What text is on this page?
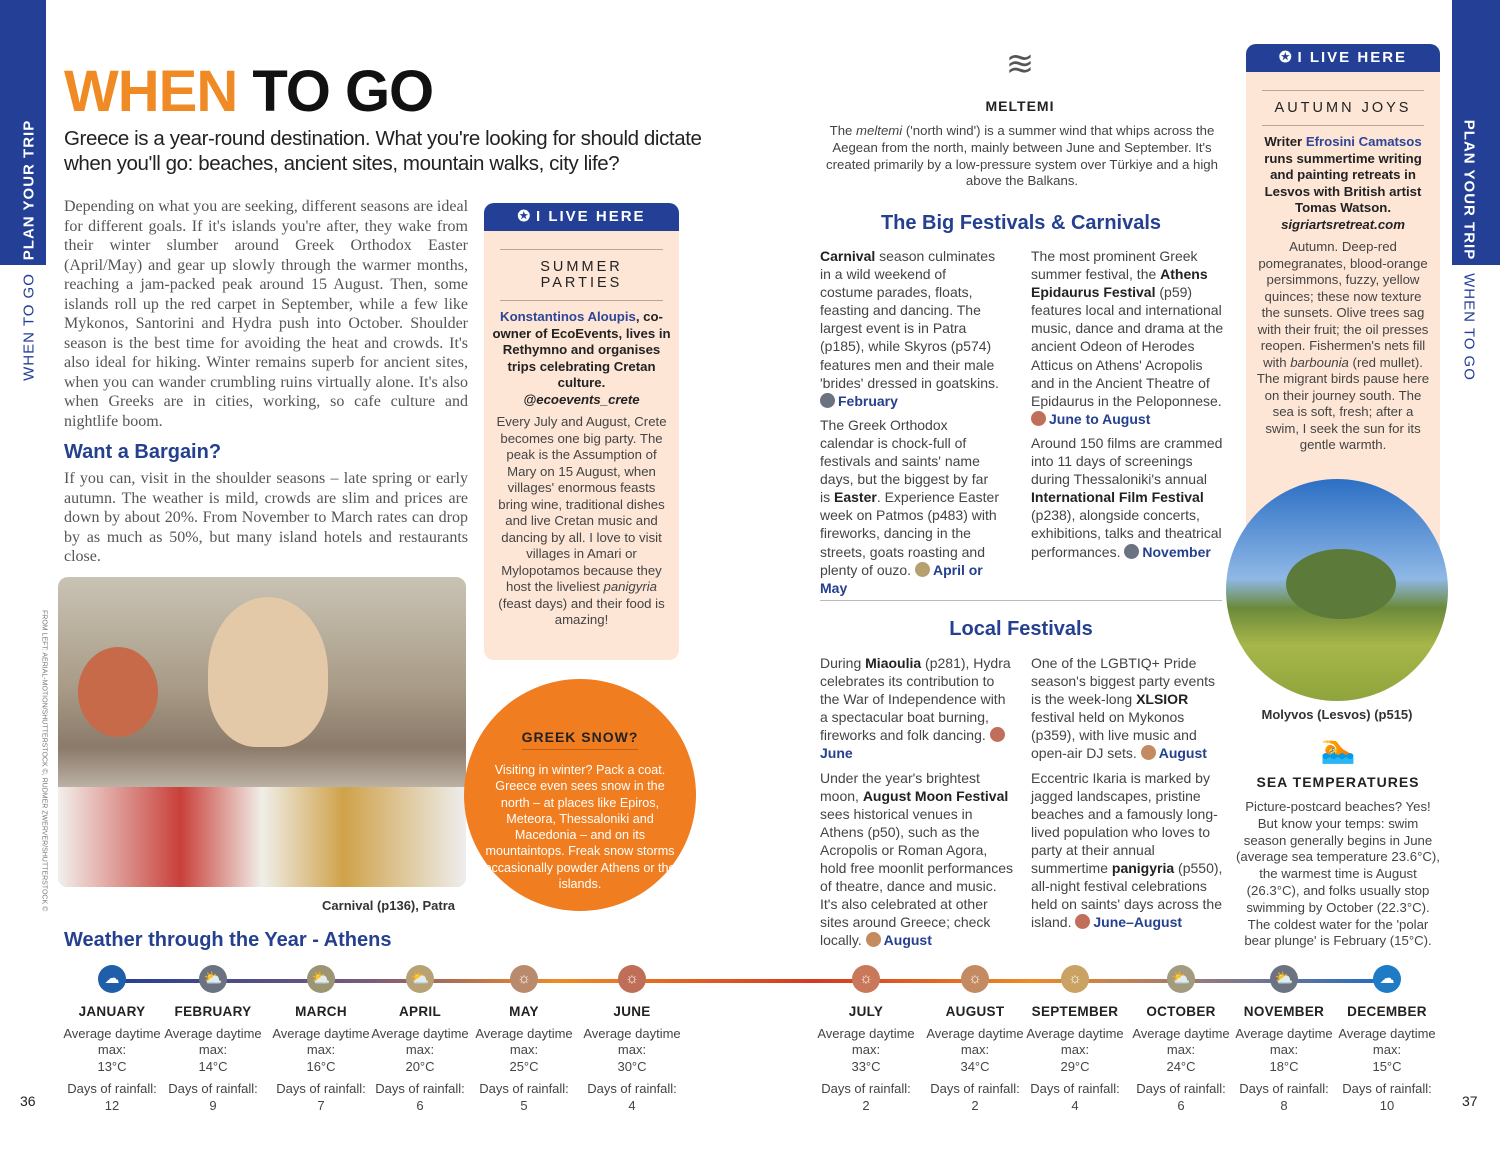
PLAN YOUR TRIP
WHEN TO GO
PLAN YOUR TRIP
WHEN TO GO
WHEN TO GO
Greece is a year-round destination. What you're looking for should dictate when you'll go: beaches, ancient sites, mountain walks, city life?
Depending on what you are seeking, different seasons are ideal for different goals. If it's islands you're after, they wake from their winter slumber around Greek Orthodox Easter (April/May) and gear up slowly through the warmer months, reaching a jam-packed peak around 15 August. Then, some islands roll up the red carpet in September, while a few like Mykonos, Santorini and Hydra push into October. Shoulder season is the best time for avoiding the heat and crowds. It's also ideal for hiking. Winter remains superb for ancient sites, when you can wander crumbling ruins virtually alone. It's also when Greeks are in cities, working, so cafe culture and nightlife boom.
Want a Bargain?
If you can, visit in the shoulder seasons – late spring or early autumn. The weather is mild, crowds are slim and prices are down by about 20%. From November to March rates can drop by as much as 50%, but many island hotels and restaurants close.
FROM LEFT: AERIAL-MOTION/SHUTTERSTOCK ©, RUDMER ZWERVER/SHUTTERSTOCK ©	Carnival (p136), Patra
✪ I LIVE HERE
SUMMER PARTIES
Konstantinos Aloupis, co-owner of EcoEvents, lives in Rethymno and organises trips celebrating Cretan culture.
@ecoevents_crete
Every July and August, Crete becomes one big party. The peak is the Assumption of Mary on 15 August, when villages' enormous feasts bring wine, traditional dishes and live Cretan music and dancing by all. I love to visit villages in Amari or Mylopotamos because they host the liveliest panigyria (feast days) and their food is amazing!
GREEK SNOW?
Visiting in winter? Pack a coat. Greece even sees snow in the north – at places like Epiros, Meteora, Thessaloniki and Macedonia – and on its mountaintops. Freak snow storms occasionally powder Athens or the islands.
≋
MELTEMI
The meltemi ('north wind') is a summer wind that whips across the Aegean from the north, mainly between June and September. It's created primarily by a low-pressure system over Türkiye and a high above the Balkans.
The Big Festivals & Carnivals

Carnival season culminates in a wild weekend of costume parades, floats, feasting and dancing. The largest event is in Patra (p185), while Skyros (p574) features men and their male 'brides' dressed in goatskins. February

The Greek Orthodox calendar is chock-full of festivals and saints' name days, but the biggest by far is Easter. Experience Easter week on Patmos (p483) with fireworks, dancing in the streets, goats roasting and plenty of ouzo. April or May

The most prominent Greek summer festival, the Athens Epidaurus Festival (p59) features local and international music, dance and drama at the ancient Odeon of Herodes Atticus on Athens' Acropolis and in the Ancient Theatre of Epidaurus in the Peloponnese. June to August

Around 150 films are crammed into 11 days of screenings during Thessaloniki's annual International Film Festival (p238), alongside concerts, exhibitions, talks and theatrical performances. November

Local Festivals

During Miaoulia (p281), Hydra celebrates its contribution to the War of Independence with a spectacular boat burning, fireworks and folk dancing. June

Under the year's brightest moon, August Moon Festival sees historical venues in Athens (p50), such as the Acropolis or Roman Agora, hold free moonlit performances of theatre, dance and music. It's also celebrated at other sites around Greece; check locally. August

One of the LGBTIQ+ Pride season's biggest party events is the week-long XLSIOR festival held on Mykonos (p359), with live music and open-air DJ sets. August

Eccentric Ikaria is marked by jagged landscapes, pristine beaches and a famously long-lived population who loves to party at their annual summertime panigyria (p550), all-night festival celebrations held on saints' days across the island. June–August

✪ I LIVE HERE
AUTUMN JOYS
Writer Efrosini Camatsos runs summertime writing and painting retreats in Lesvos with British artist Tomas Watson.
sigriartsretreat.com
Autumn. Deep-red pomegranates, blood-orange persimmons, fuzzy, yellow quinces; these now texture the sunsets. Olive trees sag with their fruit; the oil presses reopen. Fishermen's nets fill with barbounia (red mullet). The migrant birds pause here on their journey south. The sea is soft, fresh; after a swim, I seek the sun for its gentle warmth.
Molyvos (Lesvos) (p515)
🏊
SEA TEMPERATURES
Picture-postcard beaches? Yes! But know your temps: swim season generally begins in June (average sea temperature 23.6°C), the warmest time is August (26.3°C), and folks usually stop swimming by October (22.3°C). The coldest water for the 'polar bear plunge' is February (15°C).
Weather through the Year - Athens
☁
JANUARY
Average daytime max:
13°C
Days of rainfall:
12
⛅
FEBRUARY
Average daytime max:
14°C
Days of rainfall:
9
⛅
MARCH
Average daytime max:
16°C
Days of rainfall:
7
⛅
APRIL
Average daytime max:
20°C
Days of rainfall:
6
☼
MAY
Average daytime max:
25°C
Days of rainfall:
5
☼
JUNE
Average daytime max:
30°C
Days of rainfall:
4
☼
JULY
Average daytime max:
33°C
Days of rainfall:
2
☼
AUGUST
Average daytime max:
34°C
Days of rainfall:
2
☼
SEPTEMBER
Average daytime max:
29°C
Days of rainfall:
4
⛅
OCTOBER
Average daytime max:
24°C
Days of rainfall:
6
⛅
NOVEMBER
Average daytime max:
18°C
Days of rainfall:
8
☁
DECEMBER
Average daytime max:
15°C
Days of rainfall:
10
36	37
